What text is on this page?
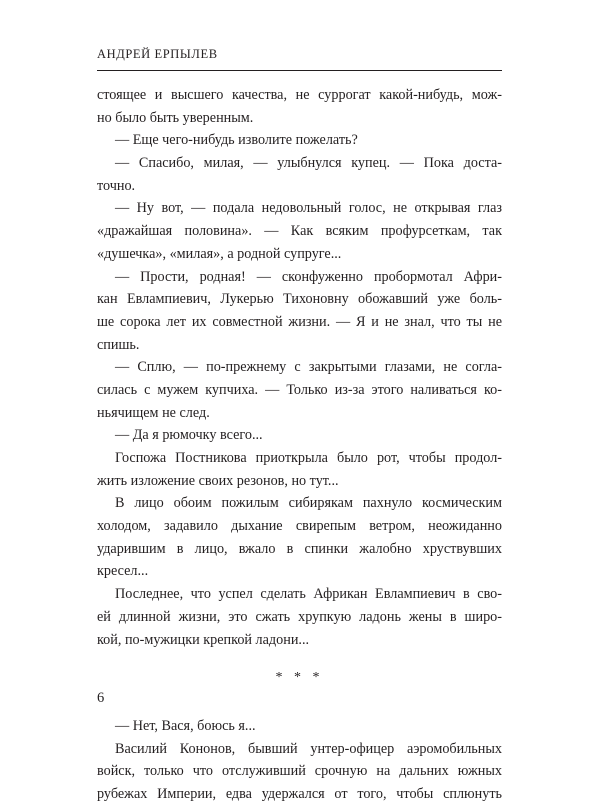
АНДРЕЙ ЕРПЫЛЕВ
стоящее и высшего качества, не суррогат какой-нибудь, мож-
но было быть уверенным.
— Еще чего-нибудь изволите пожелать?
— Спасибо, милая, — улыбнулся купец. — Пока доста-
точно.
— Ну вот, — подала недовольный голос, не открывая глаз
«дражайшая половина». — Как всяким профурсеткам, так
«душечка», «милая», а родной супруге...
— Прости, родная! — сконфуженно пробормотал Афри-
кан Евлампиевич, Лукерью Тихоновну обожавший уже боль-
ше сорока лет их совместной жизни. — Я и не знал, что ты не
спишь.
— Сплю, — по-прежнему с закрытыми глазами, не согла-
силась с мужем купчиха. — Только из-за этого наливаться ко-
ньячищем не след.
— Да я рюмочку всего...
Госпожа Постникова приоткрыла было рот, чтобы продол-
жить изложение своих резонов, но тут...
В лицо обоим пожилым сибирякам пахнуло космическим
холодом, задавило дыхание свирепым ветром, неожиданно
ударившим в лицо, вжало в спинки жалобно хруствувших
кресел...
Последнее, что успел сделать Африкан Евлампиевич в сво-
ей длинной жизни, это сжать хрупкую ладонь жены в широ-
кой, по-мужицки крепкой ладони...
* * *
— Нет, Вася, боюсь я...
Василий Кононов, бывший унтер-офицер аэромобильных
войск, только что отслуживший срочную на дальних южных
рубежах Империи, едва удержался от того, чтобы сплюнуть
6
